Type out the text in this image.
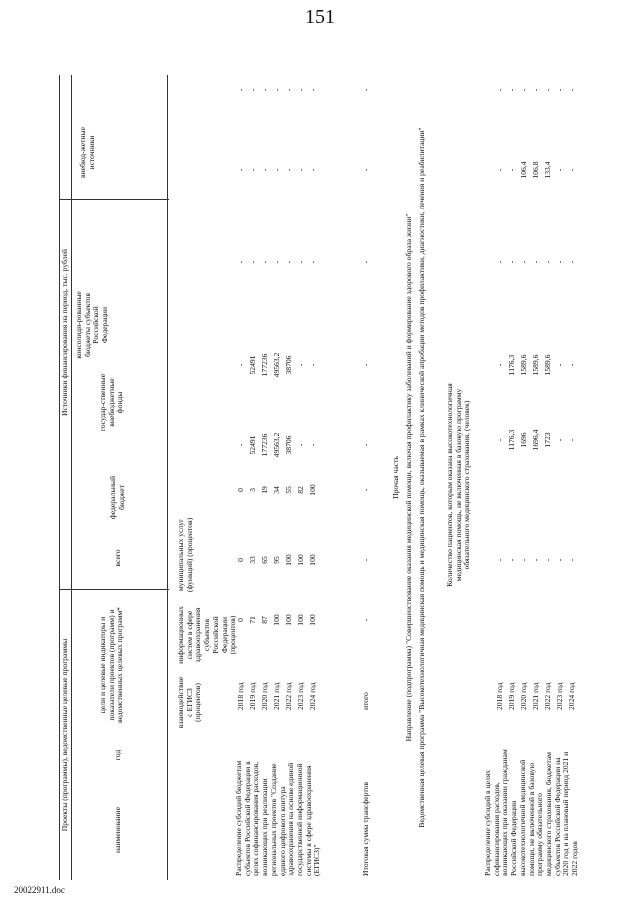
151
Проекты (программы), ведомственные целевые программы
Источники финансирования на период, тыс. рублей
наименование
год
цели и целевые индикаторы и показатели проектов (программ) и ведомственных целевых программ*
всего
федеральный бюджет
государ-ственные внебюджетные фонды
консолиди-рованные бюджеты субъектов Российской Федерации
внебюд-жетные источники
взаимодействие с ЕГИСЗ (процентов)
информационных систем в сфере здравоохранения субъектов Российской Федерации (процентов)
муниципальных услуг (функций) (процентов)
2018 год
0
0
0
-
-
-
-
-
2019 год
71
33
3
52491
52491
-
-
-
2020 год
87
65
19
177236
177236
-
-
-
2021 год
100
95
34
49563,2
49563,2
-
-
-
2022 год
100
100
55
38706
38706
-
-
-
2023 год
100
100
82
-
-
-
-
-
2024 год
100
100
100
-
-
-
-
-
Итоговая сумма трансфертов
итого
-
-
-
-
-
-
-
-
Распределение субсидий бюджетам субъектов Российской Федерации в целях софинансирования расходов, возникающих при реализации региональных проектов "Создание единого цифрового контура здравоохранения на основе единой государственной информационной системы в сфере здравоохранения (ЕГИСЗ)"
Прочая часть Направление (подпрограмма) "Совершенствование оказания медицинской помощи, включая профилактику заболеваний и формирование здорового образа жизни" Ведомственная целевая программа "Высокотехнологичная медицинская помощь и медицинская помощь, оказываемая в рамках клинической апробации методов профилактики, диагностики, лечения и реабилитации"	Количество пациентов, которым оказана высокотехнологичная медицинская помощь, не включенная в базовую программу обязательного медицинского страхования, (человек)
2018 год
-
-
-
-
-
-
2019 год
-
1176,3
1176,3
-
-
-
2020 год
-
1696
1589,6
-
106,4
-
2021 год
-
1696,4
1589,6
-
106,8
-
2022 год
-
1723
1589,6
-
133,4
-
2023 год
-
-
-
-
-
-
2024 год
-
-
-
-
-
-
Распределение субсидий в целях софинансирования расходов, возникающих при оказании гражданам Российской Федерации высокотехнологичной медицинской помощи, не включенной в базовую программу обязательного медицинского страхования, бюджетам субъектов Российской Федерации на 2020 год и на плановый период 2021 и 2022 годов
20022911.doc
